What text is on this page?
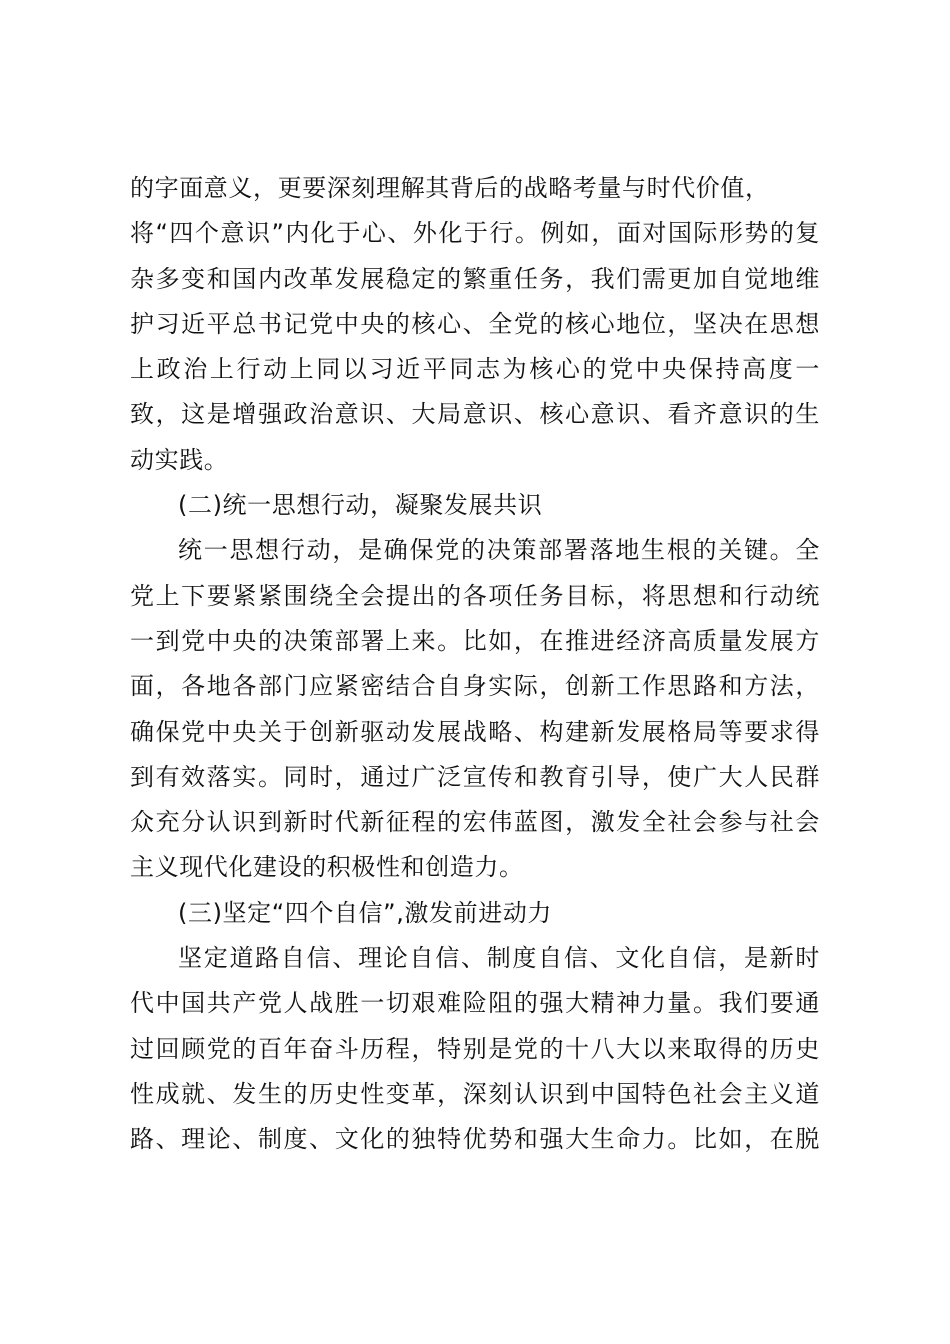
的字面意义，更要深刻理解其背后的战略考量与时代价值，
将“四个意识”内化于心、外化于行。例如，面对国际形势的复
杂多变和国内改革发展稳定的繁重任务，我们需更加自觉地维
护习近平总书记党中央的核心、全党的核心地位，坚决在思想
上政治上行动上同以习近平同志为核心的党中央保持高度一
致，这是增强政治意识、大局意识、核心意识、看齐意识的生
动实践。
(二)统一思想行动，凝聚发展共识
统一思想行动，是确保党的决策部署落地生根的关键。全
党上下要紧紧围绕全会提出的各项任务目标，将思想和行动统
一到党中央的决策部署上来。比如，在推进经济高质量发展方
面，各地各部门应紧密结合自身实际，创新工作思路和方法，
确保党中央关于创新驱动发展战略、构建新发展格局等要求得
到有效落实。同时，通过广泛宣传和教育引导，使广大人民群
众充分认识到新时代新征程的宏伟蓝图，激发全社会参与社会
主义现代化建设的积极性和创造力。
(三)坚定“四个自信”,激发前进动力
坚定道路自信、理论自信、制度自信、文化自信，是新时
代中国共产党人战胜一切艰难险阻的强大精神力量。我们要通
过回顾党的百年奋斗历程，特别是党的十八大以来取得的历史
性成就、发生的历史性变革，深刻认识到中国特色社会主义道
路、理论、制度、文化的独特优势和强大生命力。比如，在脱
